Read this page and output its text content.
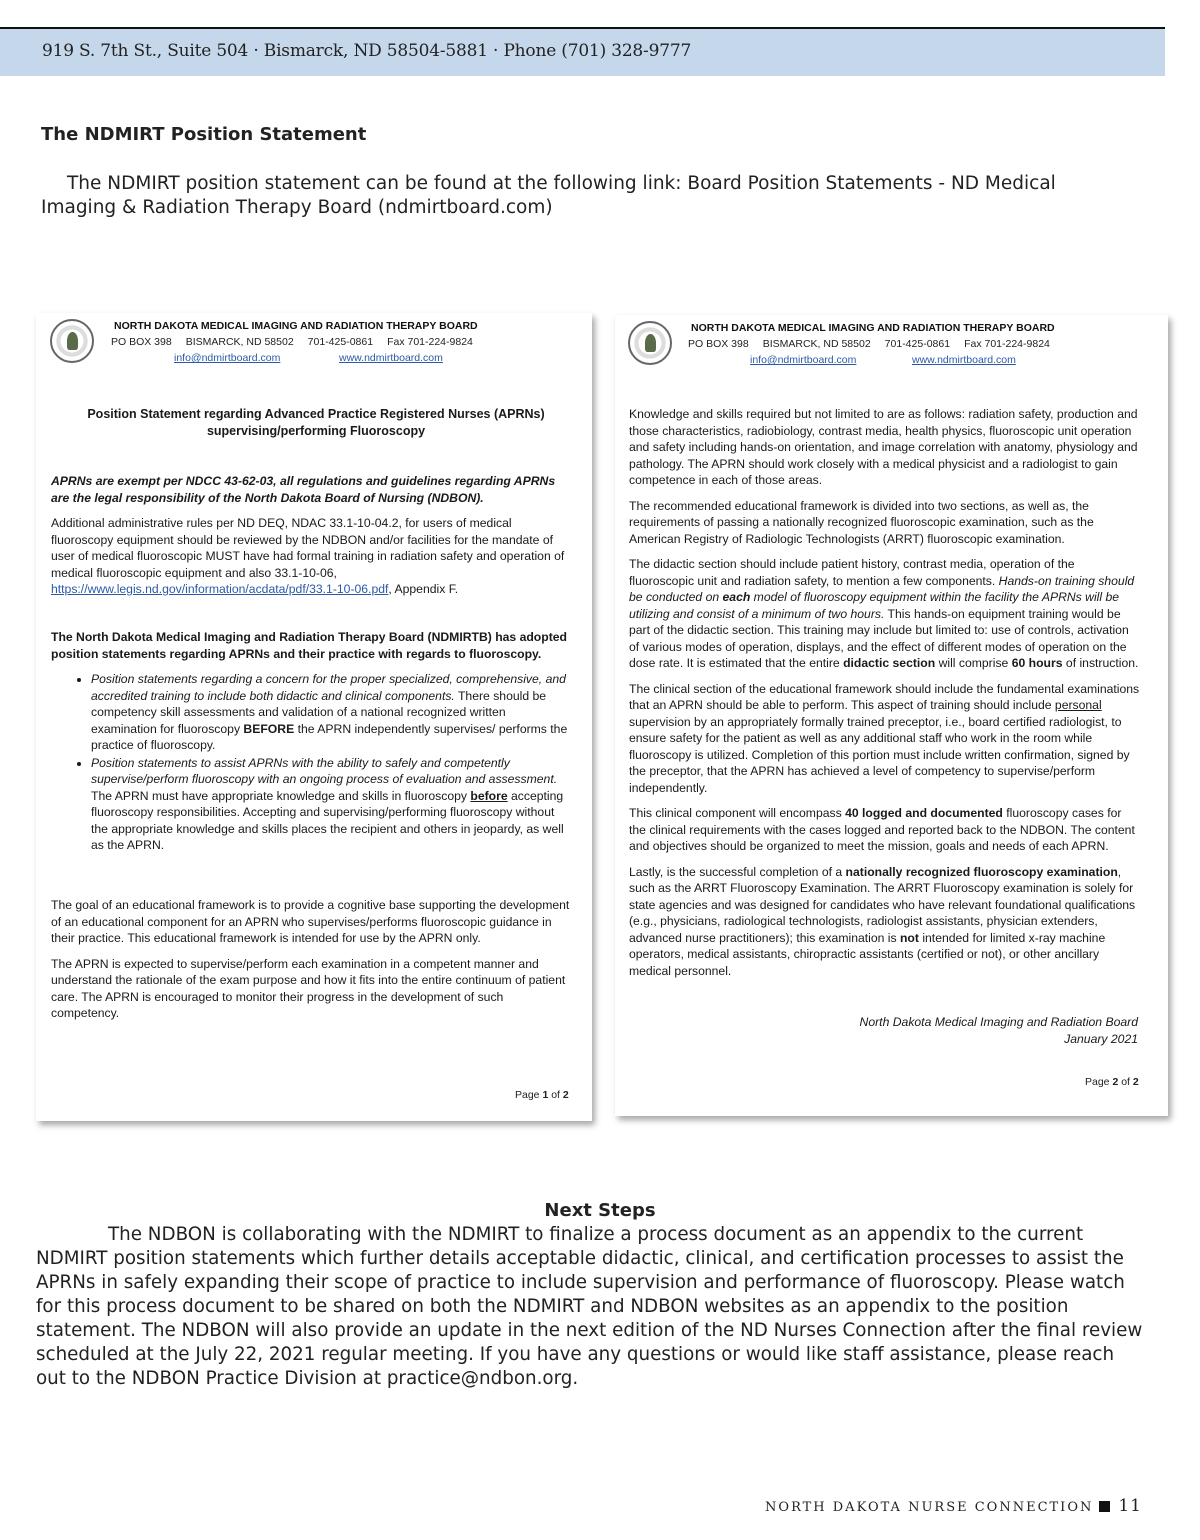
919 S. 7th St., Suite 504 · Bismarck, ND 58504-5881 · Phone (701) 328-9777
The NDMIRT Position Statement
The NDMIRT position statement can be found at the following link: Board Position Statements - ND Medical Imaging & Radiation Therapy Board (ndmirtboard.com)
NORTH DAKOTA MEDICAL IMAGING AND RADIATION THERAPY BOARD
PO BOX 398 BISMARCK, ND 58502 701-425-0861 Fax 701-224-9824
info@ndmirtboard.com	www.ndmirtboard.com
Position Statement regarding Advanced Practice Registered Nurses (APRNs) supervising/performing Fluoroscopy

APRNs are exempt per NDCC 43-62-03, all regulations and guidelines regarding APRNs are the legal responsibility of the North Dakota Board of Nursing (NDBON).

Additional administrative rules per ND DEQ, NDAC 33.1-10-04.2, for users of medical fluoroscopy equipment should be reviewed by the NDBON and/or facilities for the mandate of user of medical fluoroscopic MUST have had formal training in radiation safety and operation of medical fluoroscopic equipment and also 33.1-10-06, https://www.legis.nd.gov/information/acdata/pdf/33.1-10-06.pdf, Appendix F.

The North Dakota Medical Imaging and Radiation Therapy Board (NDMIRTB) has adopted position statements regarding APRNs and their practice with regards to fluoroscopy.

• Position statements regarding a concern for the proper specialized, comprehensive, and accredited training to include both didactic and clinical components. There should be competency skill assessments and validation of a national recognized written examination for fluoroscopy BEFORE the APRN independently supervises/ performs the practice of fluoroscopy.
• Position statements to assist APRNs with the ability to safely and competently supervise/perform fluoroscopy with an ongoing process of evaluation and assessment. The APRN must have appropriate knowledge and skills in fluoroscopy before accepting fluoroscopy responsibilities. Accepting and supervising/performing fluoroscopy without the appropriate knowledge and skills places the recipient and others in jeopardy, as well as the APRN.

The goal of an educational framework is to provide a cognitive base supporting the development of an educational component for an APRN who supervises/performs fluoroscopic guidance in their practice. This educational framework is intended for use by the APRN only.

The APRN is expected to supervise/perform each examination in a competent manner and understand the rationale of the exam purpose and how it fits into the entire continuum of patient care. The APRN is encouraged to monitor their progress in the development of such competency.

Page 1 of 2
NORTH DAKOTA MEDICAL IMAGING AND RADIATION THERAPY BOARD
PO BOX 398 BISMARCK, ND 58502 701-425-0861 Fax 701-224-9824
info@ndmirtboard.com	www.ndmirtboard.com

Knowledge and skills required but not limited to are as follows: radiation safety, production and those characteristics, radiobiology, contrast media, health physics, fluoroscopic unit operation and safety including hands-on orientation, and image correlation with anatomy, physiology and pathology. The APRN should work closely with a medical physicist and a radiologist to gain competence in each of those areas.

The recommended educational framework is divided into two sections, as well as, the requirements of passing a nationally recognized fluoroscopic examination, such as the American Registry of Radiologic Technologists (ARRT) fluoroscopic examination.

The didactic section should include patient history, contrast media, operation of the fluoroscopic unit and radiation safety, to mention a few components. Hands-on training should be conducted on each model of fluoroscopy equipment within the facility the APRNs will be utilizing and consist of a minimum of two hours. This hands-on equipment training would be part of the didactic section. This training may include but limited to: use of controls, activation of various modes of operation, displays, and the effect of different modes of operation on the dose rate. It is estimated that the entire didactic section will comprise 60 hours of instruction.

The clinical section of the educational framework should include the fundamental examinations that an APRN should be able to perform. This aspect of training should include personal supervision by an appropriately formally trained preceptor, i.e., board certified radiologist, to ensure safety for the patient as well as any additional staff who work in the room while fluoroscopy is utilized. Completion of this portion must include written confirmation, signed by the preceptor, that the APRN has achieved a level of competency to supervise/perform independently.

This clinical component will encompass 40 logged and documented fluoroscopy cases for the clinical requirements with the cases logged and reported back to the NDBON. The content and objectives should be organized to meet the mission, goals and needs of each APRN.

Lastly, is the successful completion of a nationally recognized fluoroscopy examination, such as the ARRT Fluoroscopy Examination. The ARRT Fluoroscopy examination is solely for state agencies and was designed for candidates who have relevant foundational qualifications (e.g., physicians, radiological technologists, radiologist assistants, physician extenders, advanced nurse practitioners); this examination is not intended for limited x-ray machine operators, medical assistants, chiropractic assistants (certified or not), or other ancillary medical personnel.

North Dakota Medical Imaging and Radiation Board
January 2021
Page 2 of 2
Next Steps
The NDBON is collaborating with the NDMIRT to finalize a process document as an appendix to the current NDMIRT position statements which further details acceptable didactic, clinical, and certification processes to assist the APRNs in safely expanding their scope of practice to include supervision and performance of fluoroscopy. Please watch for this process document to be shared on both the NDMIRT and NDBON websites as an appendix to the position statement. The NDBON will also provide an update in the next edition of the ND Nurses Connection after the final review scheduled at the July 22, 2021 regular meeting. If you have any questions or would like staff assistance, please reach out to the NDBON Practice Division at practice@ndbon.org.
NORTH DAKOTA NURSE CONNECTION 11
